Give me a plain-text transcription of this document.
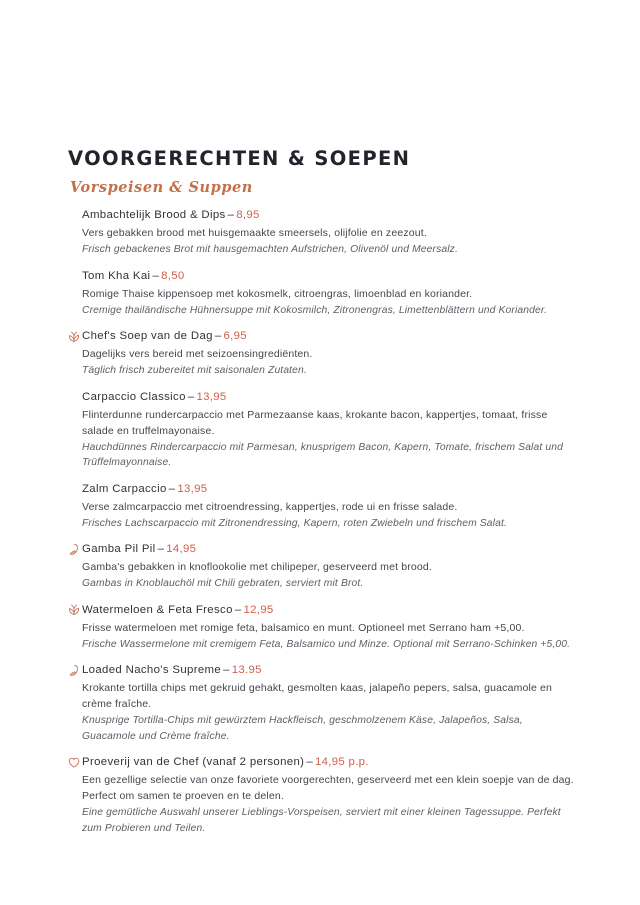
VOORGERECHTEN & SOEPEN
Vorspeisen & Suppen
Ambachtelijk Brood & Dips – 8,95
Vers gebakken brood met huisgemaakte smeersels, olijfolie en zeezout.
Frisch gebackenes Brot mit hausgemachten Aufstrichen, Olivenöl und Meersalz.
Tom Kha Kai – 8,50
Romige Thaise kippensoep met kokosmelk, citroengras, limoenblad en koriander.
Cremige thailändische Hühnersuppe mit Kokosmilch, Zitronengras, Limettenblättern und Koriander.
Chef's Soep van de Dag – 6,95
Dagelijks vers bereid met seizoensingrediënten.
Täglich frisch zubereitet mit saisonalen Zutaten.
Carpaccio Classico – 13,95
Flinterdunne rundercarpaccio met Parmezaanse kaas, krokante bacon, kappertjes, tomaat, frisse salade en truffelmayonaise.
Hauchdünnes Rindercarpaccio mit Parmesan, knusprigem Bacon, Kapern, Tomate, frischem Salat und Trüffelmayonnaise.
Zalm Carpaccio – 13,95
Verse zalmcarpaccio met citroendressing, kappertjes, rode ui en frisse salade.
Frisches Lachscarpaccio mit Zitronendressing, Kapern, roten Zwiebeln und frischem Salat.
Gamba Pil Pil – 14,95
Gamba's gebakken in knoflookolie met chilipeper, geserveerd met brood.
Gambas in Knoblauchöl mit Chili gebraten, serviert mit Brot.
Watermeloen & Feta Fresco – 12,95
Frisse watermeloen met romige feta, balsamico en munt. Optioneel met Serrano ham +5,00.
Frische Wassermelone mit cremigem Feta, Balsamico und Minze. Optional mit Serrano-Schinken +5,00.
Loaded Nacho's Supreme – 13.95
Krokante tortilla chips met gekruid gehakt, gesmolten kaas, jalapeño pepers, salsa, guacamole en crème fraîche.
Knusprige Tortilla-Chips mit gewürztem Hackfleisch, geschmolzenem Käse, Jalapeños, Salsa, Guacamole und Crème fraîche.
Proeverij van de Chef (vanaf 2 personen) – 14,95 p.p.
Een gezellige selectie van onze favoriete voorgerechten, geserveerd met een klein soepje van de dag. Perfect om samen te proeven en te delen.
Eine gemütliche Auswahl unserer Lieblings-Vorspeisen, serviert mit einer kleinen Tagessuppe. Perfekt zum Probieren und Teilen.
